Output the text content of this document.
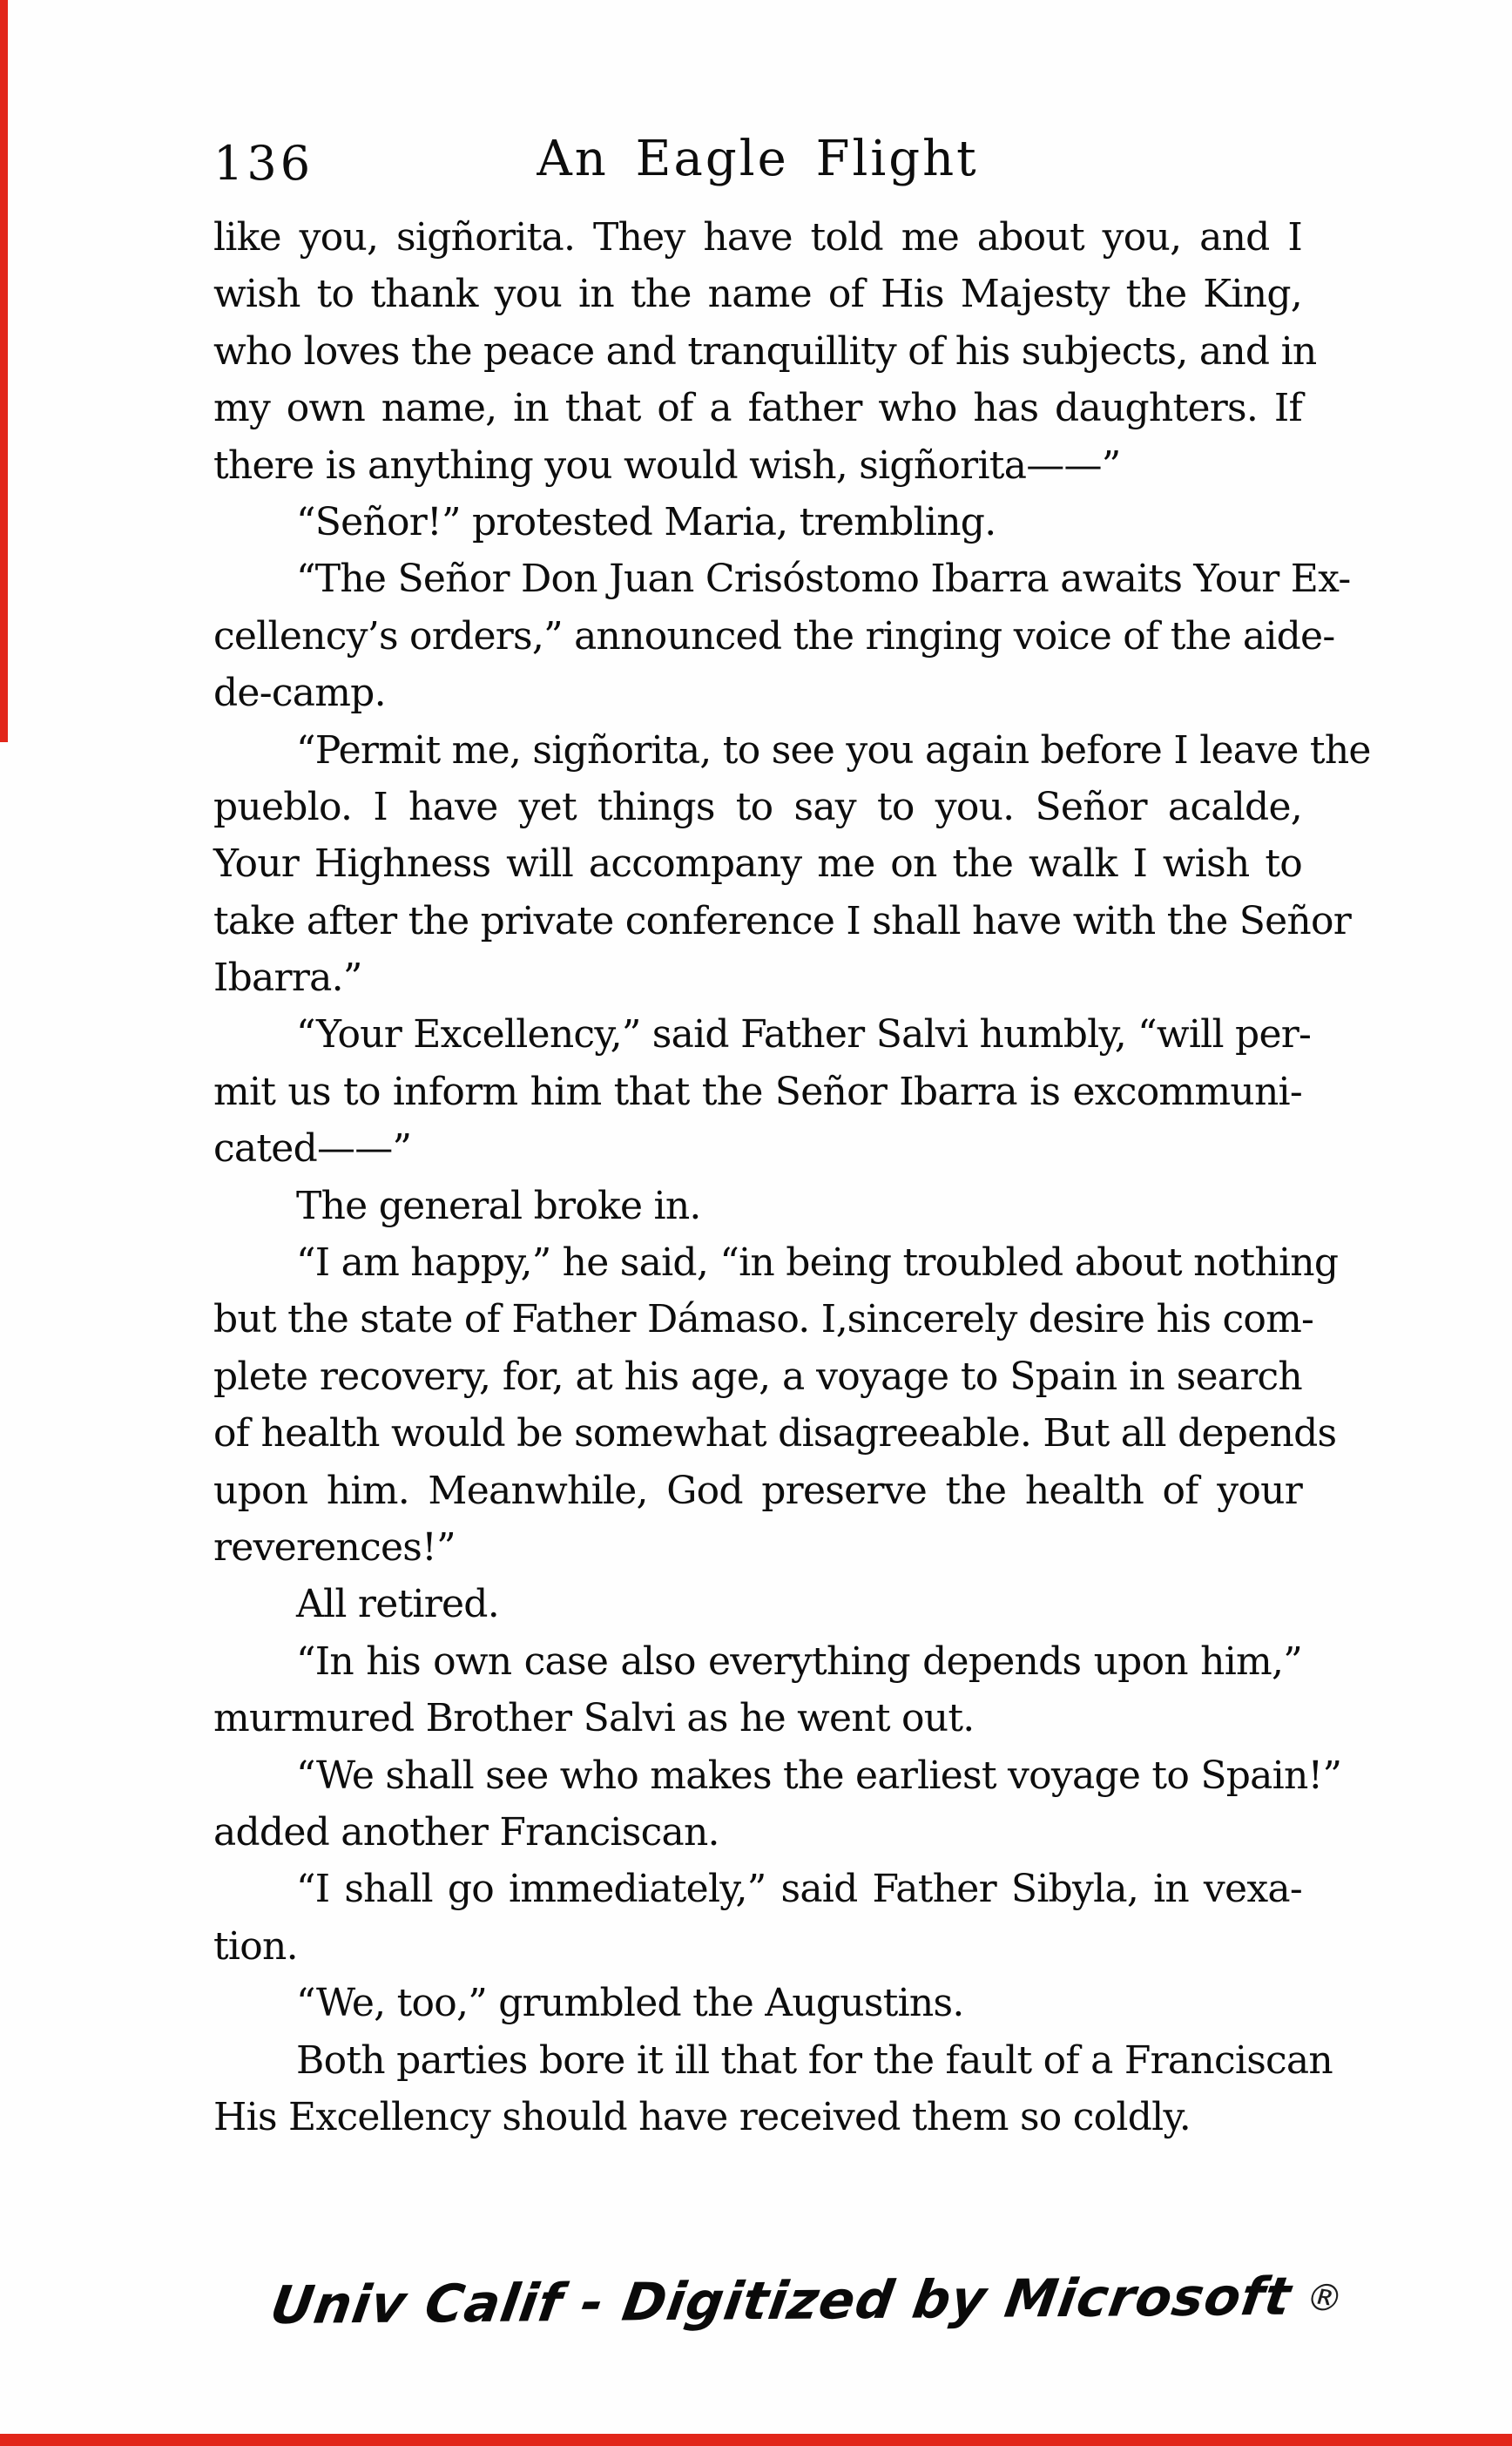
136	An Eagle Flight
like you, sigñorita. They have told me about you, and I
wish to thank you in the name of His Majesty the King,
who loves the peace and tranquillity of his subjects, and in
my own name, in that of a father who has daughters. If
there is anything you would wish, sigñorita——”
“Señor!” protested Maria, trembling.
“The Señor Don Juan Crisóstomo Ibarra awaits Your Ex-
cellency’s orders,” announced the ringing voice of the aide-
de-camp.
“Permit me, sigñorita, to see you again before I leave the
pueblo. I have yet things to say to you. Señor acalde,
Your Highness will accompany me on the walk I wish to
take after the private conference I shall have with the Señor
Ibarra.”
“Your Excellency,” said Father Salvi humbly, “will per-
mit us to inform him that the Señor Ibarra is excommuni-
cated——”
The general broke in.
“I am happy,” he said, “in being troubled about nothing
but the state of Father Dámaso. I‚sincerely desire his com-
plete recovery, for, at his age, a voyage to Spain in search
of health would be somewhat disagreeable. But all depends
upon him. Meanwhile, God preserve the health of your
reverences!”
All retired.
“In his own case also everything depends upon him,”
murmured Brother Salvi as he went out.
“We shall see who makes the earliest voyage to Spain!”
added another Franciscan.
“I shall go immediately,” said Father Sibyla, in vexa-
tion.
“We, too,” grumbled the Augustins.
Both parties bore it ill that for the fault of a Franciscan
His Excellency should have received them so coldly.
Univ Calif - Digitized by Microsoft ®
